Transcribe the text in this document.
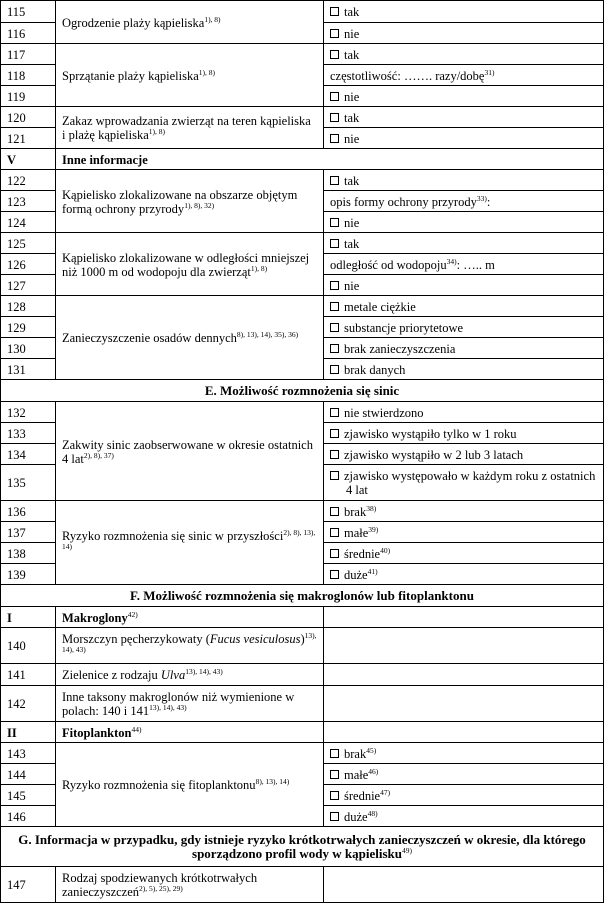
115	Ogrodzenie plaży kąpieliska$^{1), 8)}$	tak
116		nie
117	Sprzątanie plaży kąpieliska$^{1), 8)}$	tak
118		częstotliwość: ……. razy/dobę$^{31)}$
119		nie
120	Zakaz wprowadzania zwierząt na teren kąpieliska i plażę kąpieliska$^{1), 8)}$	tak
121		nie
V	Inne informacje	
122	Kąpielisko zlokalizowane na obszarze objętym formą ochrony przyrody$^{1), 8), 32)}$	tak
123		opis formy ochrony przyrody$^{33)}$:
124		nie
125	Kąpielisko zlokalizowane w odległości mniejszej niż 1000 m od wodopoju dla zwierząt$^{1), 8)}$	tak
126		odległość od wodopoju$^{34)}$: ….. m
127		nie
128	Zanieczyszczenie osadów dennych$^{8), 13), 14), 35), 36)}$	metale ciężkie
129		substancje priorytetowe
130		brak zanieczyszczenia
131		brak danych
E. Możliwość rozmnożenia się sinic		
132	Zakwity sinic zaobserwowane w okresie ostatnich 4 lat$^{2), 8), 37)}$	nie stwierdzono
133		zjawisko wystąpiło tylko w 1 roku
134		zjawisko wystąpiło w 2 lub 3 latach
135		zjawisko występowało w każdym roku z ostatnich 4 lat
136	Ryzyko rozmnożenia się sinic w przyszłości$^{2), 8), 13), 14)}$	brak$^{38)}$
137		małe$^{39)}$
138		średnie$^{40)}$
139		duże$^{41)}$
F. Możliwość rozmnożenia się makroglonów lub fitoplanktonu		
I	Makroglony$^{42)}$	
140	Morszczyn pęcherzykowaty (Fucus vesiculosus)$^{13), 14), 43)}$	
141	Zielenice z rodzaju Ulva$^{13), 14), 43)}$	
142	Inne taksony makroglonów niż wymienione w polach: 140 i $141^{13), 14), 43)}$	
II	Fitoplankton$^{44)}$	
143	Ryzyko rozmnożenia się fitoplanktonu$^{8), 13), 14)}$	brak$^{45)}$
144		małe$^{46)}$
145		średnie$^{47)}$
146		duże$^{48)}$
G. Informacja w przypadku, gdy istnieje ryzyko krótkotrwałych zanieczyszczeń w okresie, dla którego sporządzono profil wody w kąpielisku$^{49)}$
147	Rodzaj spodziewanych krótkotrwałych zanieczyszczeń$^{2), 5), 25), 29)}$	
